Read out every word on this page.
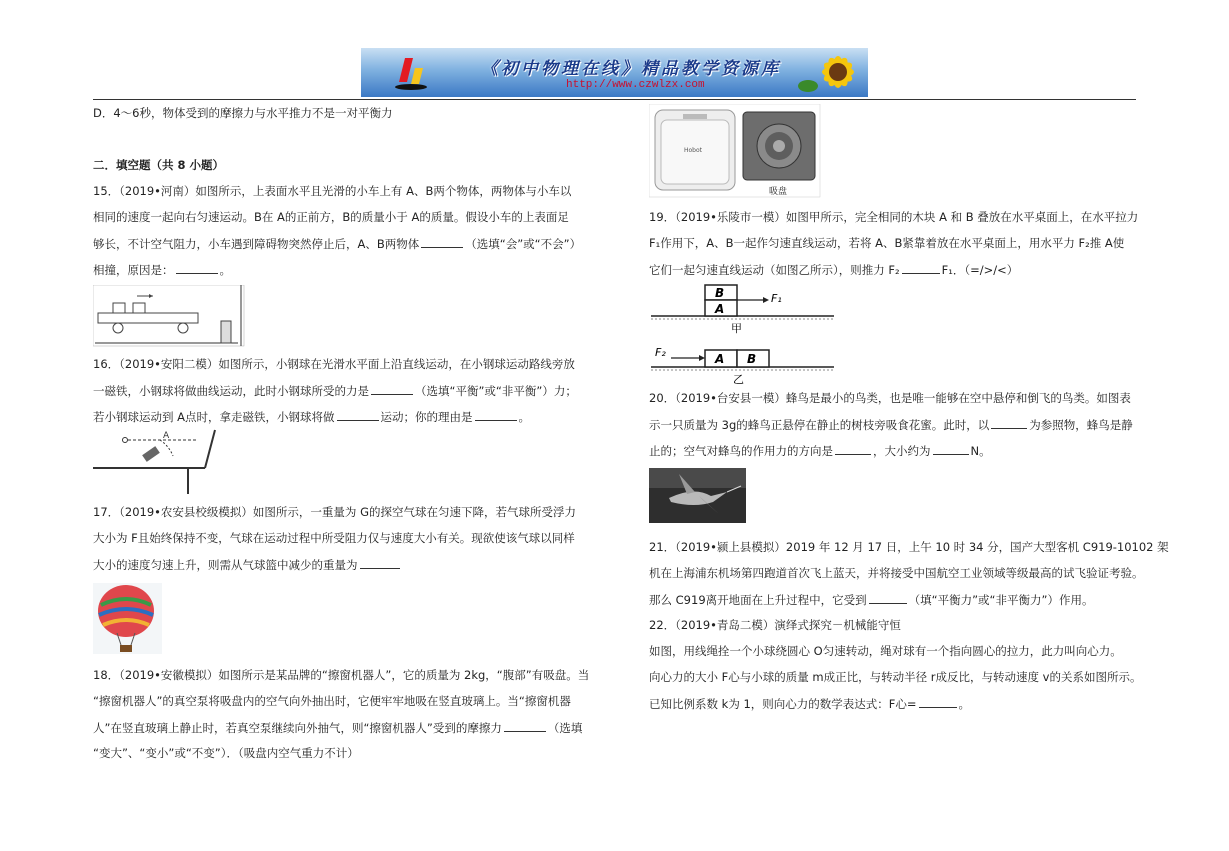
《初中物理在线》精品教学资源库
http://www.czwlzx.com
D．4～6秒，物体受到的摩擦力与水平推力不是一对平衡力
二．填空题（共 8 小题）
15．（2019•河南）如图所示，上表面水平且光滑的小车上有 A、B两个物体，两物体与小车以
相同的速度一起向右匀速运动。B在 A的正前方，B的质量小于 A的质量。假设小车的上表面足
够长，不计空气阻力，小车遇到障碍物突然停止后，A、B两物体	（选填“会”或“不会”）
相撞，原因是：	。
16．（2019•安阳二模）如图所示，小钢球在光滑水平面上沿直线运动，在小钢球运动路线旁放
一磁铁，小钢球将做曲线运动，此时小钢球所受的力是	（选填“平衡”或“非平衡”）力；
若小钢球运动到 A点时，拿走磁铁，小钢球将做	运动；你的理由是	。
A
17．（2019•农安县校级模拟）如图所示，一重量为 G的探空气球在匀速下降，若气球所受浮力
大小为 F且始终保持不变，气球在运动过程中所受阻力仅与速度大小有关。现欲使该气球以同样
大小的速度匀速上升，则需从气球篮中减少的重量为
18．（2019•安徽模拟）如图所示是某品牌的“擦窗机器人”，它的质量为 2kg，“腹部”有吸盘。当
“擦窗机器人”的真空泵将吸盘内的空气向外抽出时，它便牢牢地吸在竖直玻璃上。当“擦窗机器
人”在竖直玻璃上静止时，若真空泵继续向外抽气，则“擦窗机器人”受到的摩擦力	（选填
“变大”、“变小”或“不变”）．（吸盘内空气重力不计）
Hobot
吸盘
19．（2019•乐陵市一模）如图甲所示，完全相同的木块 A 和 B 叠放在水平桌面上，在水平拉力
F₁作用下，A、B一起作匀速直线运动，若将 A、B紧靠着放在水平桌面上，用水平力 F₂推 A使
它们一起匀速直线运动（如图乙所示），则推力 F₂	F₁．（=/>/<）
B
A
F₁
甲
A B
F₂
乙
20．（2019•台安县一模）蜂鸟是最小的鸟类，也是唯一能够在空中悬停和倒飞的鸟类。如图表
示一只质量为 3g的蜂鸟正悬停在静止的树枝旁吸食花蜜。此时，以	为参照物，蜂鸟是静
止的；空气对蜂鸟的作用力的方向是	，大小约为	N。
21．（2019•颍上县模拟）2019 年 12 月 17 日，上午 10 时 34 分，国产大型客机 C919-10102 架
机在上海浦东机场第四跑道首次飞上蓝天，并将接受中国航空工业领域等级最高的试飞验证考验。
那么 C919离开地面在上升过程中，它受到	（填“平衡力”或“非平衡力”）作用。
22．（2019•青岛二模）演绎式探究－机械能守恒
如图，用线绳拴一个小球绕圆心 O匀速转动，绳对球有一个指向圆心的拉力，此力叫向心力。
向心力的大小 F心与小球的质量 m成正比，与转动半径 r成反比，与转动速度 v的关系如图所示。
已知比例系数 k为 1，则向心力的数学表达式：F心=	。
